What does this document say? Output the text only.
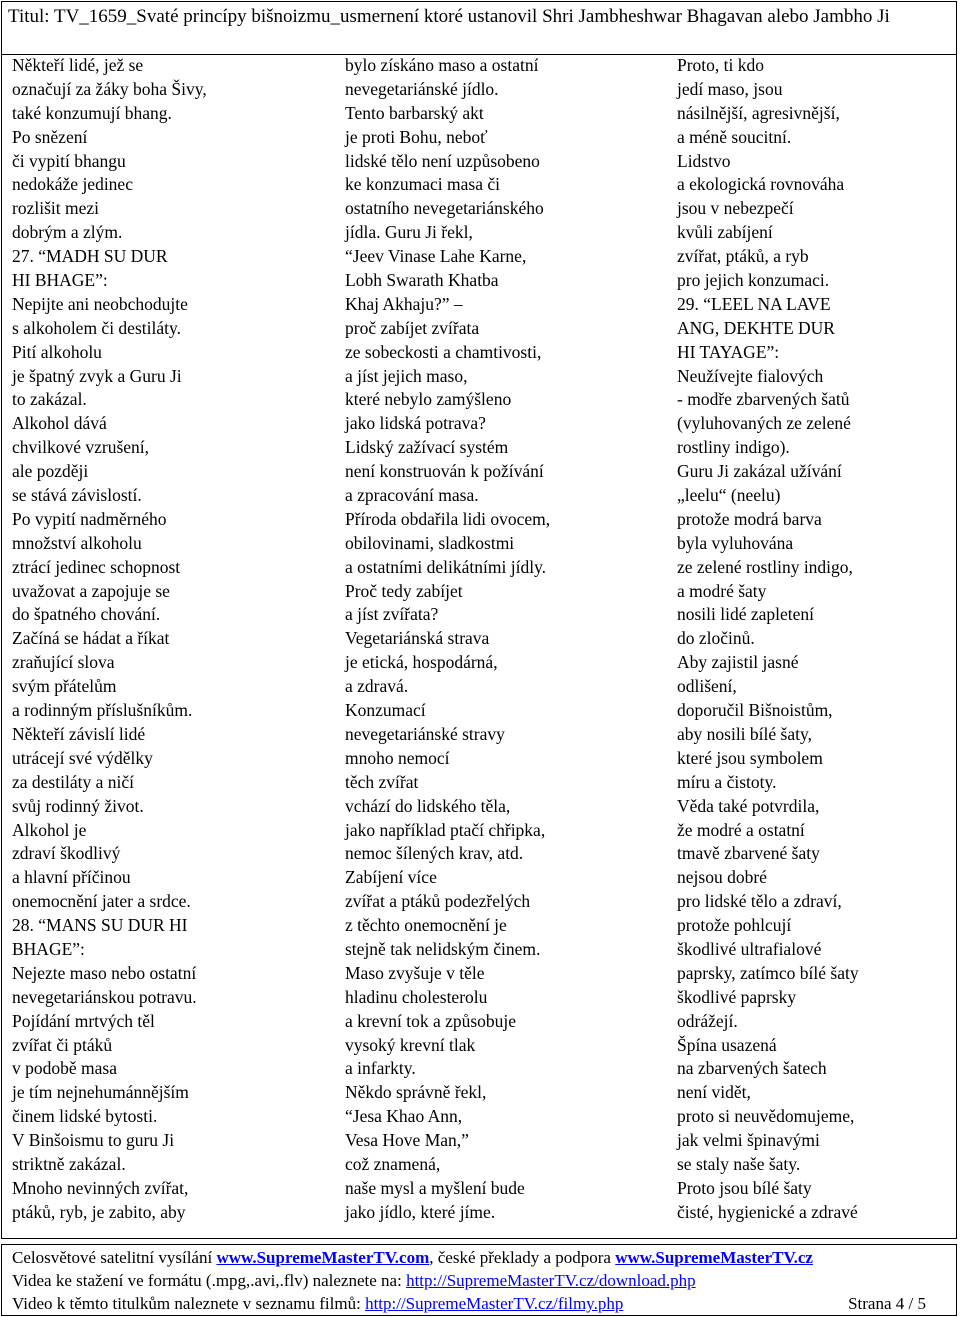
Titul: TV_1659_Svaté princípy bišnoizmu_usmernení ktoré ustanovil Shri Jambheshwar Bhagavan alebo Jambho Ji
Někteří lidé, jež se
označují za žáky boha Šivy,
také konzumují bhang.
Po snězení
či vypití bhangu
nedokáže jedinec
rozlišit mezi
dobrým a zlým.
27. “MADH SU DUR
HI BHAGE”:
Nepijte ani neobchodujte
s alkoholem či destiláty.
Pití alkoholu
je špatný zvyk a Guru Ji
to zakázal.
Alkohol dává
chvilkové vzrušení,
ale později
se stává závislostí.
Po vypití nadměrného
množství alkoholu
ztrácí jedinec schopnost
uvažovat a zapojuje se
do špatného chování.
Začíná se hádat a říkat
zraňující slova
svým přátelům
a rodinným příslušníkům.
Někteří závislí lidé
utrácejí své výdělky
za destiláty a ničí
svůj rodinný život.
Alkohol je
zdraví škodlivý
a hlavní příčinou
onemocnění jater a srdce.
28. “MANS SU DUR HI
BHAGE”:
Nejezte maso nebo ostatní
nevegetariánskou potravu.
Pojídání mrtvých těl
zvířat či ptáků
v podobě masa
je tím nejnehumánnějším
činem lidské bytosti.
V Binšoismu to guru Ji
striktně zakázal.
Mnoho nevinných zvířat,
ptáků, ryb, je zabito, aby
bylo získáno maso a ostatní
nevegetariánské jídlo.
Tento barbarský akt
je proti Bohu, neboť
lidské tělo není uzpůsobeno
ke konzumaci masa či
ostatního nevegetariánského
jídla. Guru Ji řekl,
“Jeev Vinase Lahe Karne,
Lobh Swarath Khatba
Khaj Akhaju?” –
proč zabíjet zvířata
ze sobeckosti a chamtivosti,
a jíst jejich maso,
které nebylo zamýšleno
jako lidská potrava?
Lidský zažívací systém
není konstruován k požívání
a zpracování masa.
Příroda obdařila lidi ovocem,
obilovinami, sladkostmi
a ostatními delikátními jídly.
Proč tedy zabíjet
a jíst zvířata?
Vegetariánská strava
je etická, hospodárná,
a zdravá.
Konzumací
nevegetariánské stravy
mnoho nemocí
těch zvířat
vchází do lidského těla,
jako například ptačí chřipka,
nemoc šílených krav, atd.
Zabíjení více
zvířat a ptáků podezřelých
z těchto onemocnění je
stejně tak nelidským činem.
Maso zvyšuje v těle
hladinu cholesterolu
a krevní tok a způsobuje
vysoký krevní tlak
a infarkty.
Někdo správně řekl,
“Jesa Khao Ann,
Vesa Hove Man,”
což znamená,
naše mysl a myšlení bude
jako jídlo, které jíme.
Proto, ti kdo
jedí maso, jsou
násilnější, agresivnější,
a méně soucitní.
Lidstvo
a ekologická rovnováha
jsou v nebezpečí
kvůli zabíjení
zvířat, ptáků, a ryb
pro jejich konzumaci.
29. “LEEL NA LAVE
ANG, DEKHTE DUR
HI TAYAGE”:
Neužívejte fialových
- modře zbarvených šatů
(vyluhovaných ze zelené
rostliny indigo).
Guru Ji zakázal užívání
„leelu“ (neelu)
protože modrá barva
byla vyluhována
ze zelené rostliny indigo,
a modré šaty
nosili lidé zapletení
do zločinů.
Aby zajistil jasné
odlišení,
doporučil Bišnoistům,
aby nosili bílé šaty,
které jsou symbolem
míru a čistoty.
Věda také potvrdila,
že modré a ostatní
tmavě zbarvené šaty
nejsou dobré
pro lidské tělo a zdraví,
protože pohlcují
škodlivé ultrafialové
paprsky, zatímco bílé šaty
škodlivé paprsky
odrážejí.
Špína usazená
na zbarvených šatech
není vidět,
proto si neuvědomujeme,
jak velmi špinavými
se staly naše šaty.
Proto jsou bílé šaty
čisté, hygienické a zdravé
Celosvětové satelitní vysílání www.SupremeMasterTV.com, české překlady a podpora www.SupremeMasterTV.cz
Videa ke stažení ve formátu (.mpg,.avi,.flv) naleznete na: http://SupremeMasterTV.cz/download.php
Video k těmto titulkům naleznete v seznamu filmů: http://SupremeMasterTV.cz/filmy.php	Strana 4 / 5
